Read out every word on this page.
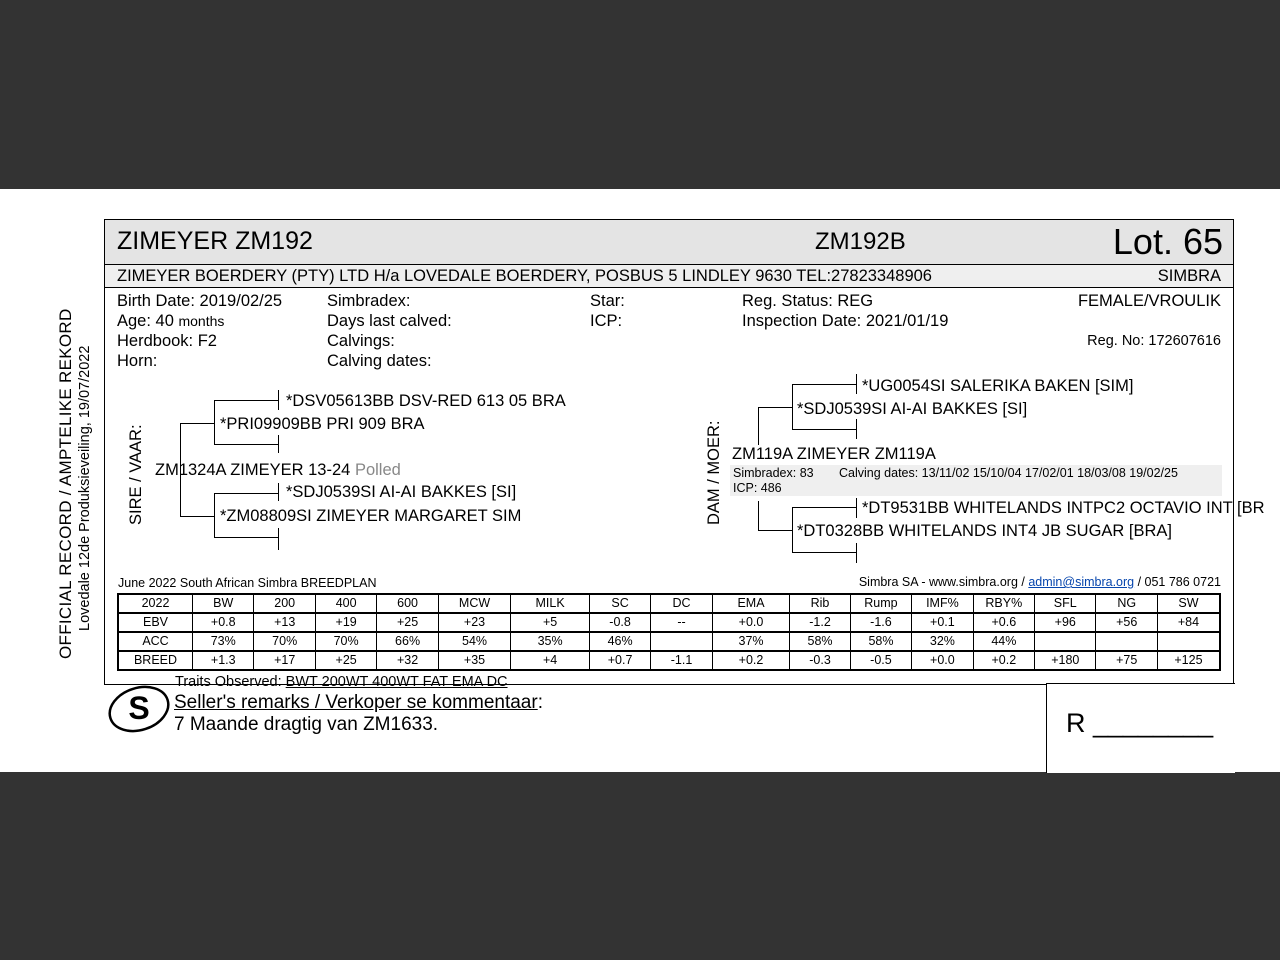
OFFICIAL RECORD / AMPTELIKE REKORD Lovedale 12de Produksieveiling, 19/07/2022
ZIMEYER ZM192	ZM192B	Lot. 65
ZIMEYER BOERDERY (PTY) LTD H/a LOVEDALE BOERDERY, POSBUS 5 LINDLEY 9630 TEL:27823348906	SIMBRA
Birth Date: 2019/02/25
Age: 40 months
Herdbook: F2
Horn:
Simbradex:
Days last calved:
Calvings:
Calving dates:
Star:
ICP:
Reg. Status: REG
Inspection Date: 2021/01/19
FEMALE/VROULIK
Reg. No: 172607616
SIRE / VAAR:
*DSV05613BB DSV-RED 613 05 BRA
*PRI09909BB PRI 909 BRA
ZM1324A ZIMEYER 13-24 Polled
*SDJ0539SI AI-AI BAKKES [SI]
*ZM08809SI ZIMEYER MARGARET SIM	DAM / MOER:
*UG0054SI SALERIKA BAKEN [SIM]
*SDJ0539SI AI-AI BAKKES [SI]
ZM119A ZIMEYER ZM119A
Simbradex: 83 Calving dates: 13/11/02 15/10/04 17/02/01 18/03/08 19/02/25
ICP: 486
*DT9531BB WHITELANDS INTPC2 OCTAVIO INT [BR
*DT0328BB WHITELANDS INT4 JB SUGAR [BRA]
June 2022 South African Simbra BREEDPLAN	Simbra SA - www.simbra.org / admin@simbra.org / 051 786 0721
2022	BW	200	400	600	MCW	MILK	SC	DC	EMA	Rib	Rump	IMF%	RBY%	SFL	NG	SW
EBV	+0.8	+13	+19	+25	+23	+5	-0.8	--	+0.0	-1.2	-1.6	+0.1	+0.6	+96	+56	+84
ACC	73%	70%	70%	66%	54%	35%	46%		37%	58%	58%	32%	44%			
BREED	+1.3	+17	+25	+32	+35	+4	+0.7	-1.1	+0.2	-0.3	-0.5	+0.0	+0.2	+180	+75	+125
S
Traits Observed: BWT 200WT 400WT FAT EMA DC
Seller's remarks / Verkoper se kommentaar:
7 Maande dragtig van ZM1633.	R ________
